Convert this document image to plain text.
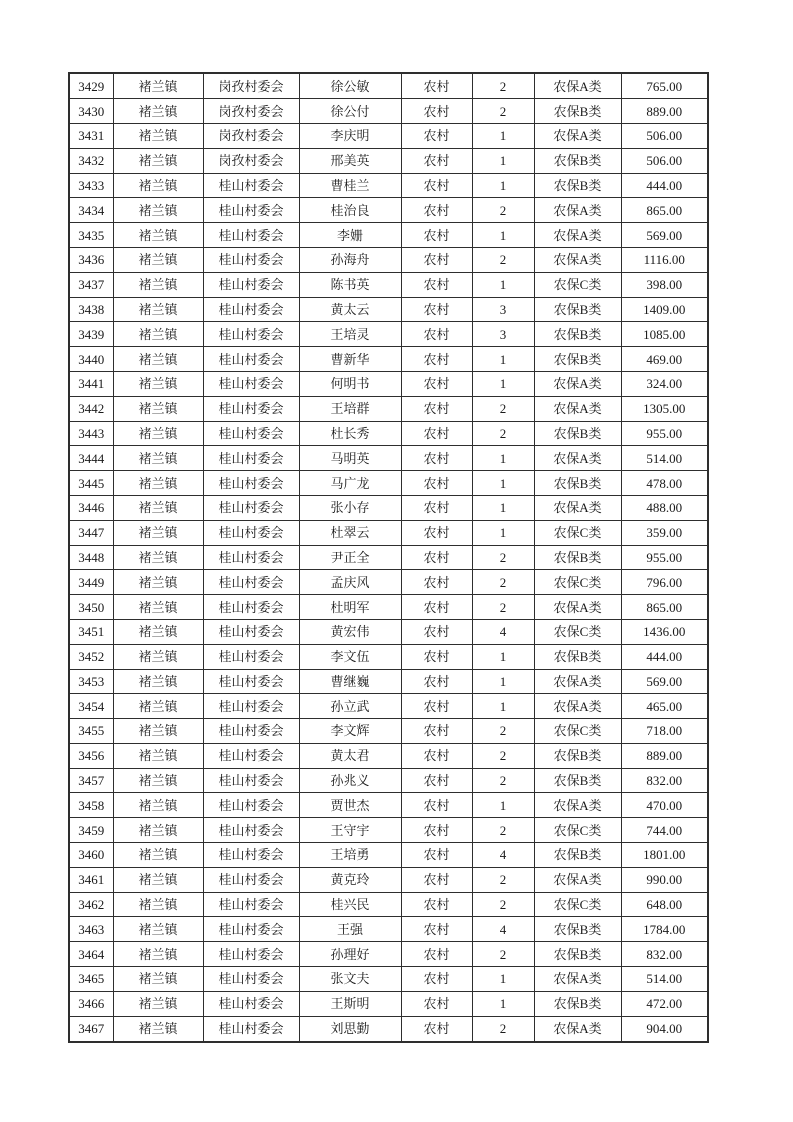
3429	褚兰镇	岗孜村委会	徐公敏	农村	2	农保A类	765.00
3430	褚兰镇	岗孜村委会	徐公付	农村	2	农保B类	889.00
3431	褚兰镇	岗孜村委会	李庆明	农村	1	农保A类	506.00
3432	褚兰镇	岗孜村委会	邢美英	农村	1	农保B类	506.00
3433	褚兰镇	桂山村委会	曹桂兰	农村	1	农保B类	444.00
3434	褚兰镇	桂山村委会	桂治良	农村	2	农保A类	865.00
3435	褚兰镇	桂山村委会	李姗	农村	1	农保A类	569.00
3436	褚兰镇	桂山村委会	孙海舟	农村	2	农保A类	1116.00
3437	褚兰镇	桂山村委会	陈书英	农村	1	农保C类	398.00
3438	褚兰镇	桂山村委会	黄太云	农村	3	农保B类	1409.00
3439	褚兰镇	桂山村委会	王培灵	农村	3	农保B类	1085.00
3440	褚兰镇	桂山村委会	曹新华	农村	1	农保B类	469.00
3441	褚兰镇	桂山村委会	何明书	农村	1	农保A类	324.00
3442	褚兰镇	桂山村委会	王培群	农村	2	农保A类	1305.00
3443	褚兰镇	桂山村委会	杜长秀	农村	2	农保B类	955.00
3444	褚兰镇	桂山村委会	马明英	农村	1	农保A类	514.00
3445	褚兰镇	桂山村委会	马广龙	农村	1	农保B类	478.00
3446	褚兰镇	桂山村委会	张小存	农村	1	农保A类	488.00
3447	褚兰镇	桂山村委会	杜翠云	农村	1	农保C类	359.00
3448	褚兰镇	桂山村委会	尹正全	农村	2	农保B类	955.00
3449	褚兰镇	桂山村委会	孟庆风	农村	2	农保C类	796.00
3450	褚兰镇	桂山村委会	杜明军	农村	2	农保A类	865.00
3451	褚兰镇	桂山村委会	黄宏伟	农村	4	农保C类	1436.00
3452	褚兰镇	桂山村委会	李文伍	农村	1	农保B类	444.00
3453	褚兰镇	桂山村委会	曹继巍	农村	1	农保A类	569.00
3454	褚兰镇	桂山村委会	孙立武	农村	1	农保A类	465.00
3455	褚兰镇	桂山村委会	李文辉	农村	2	农保C类	718.00
3456	褚兰镇	桂山村委会	黄太君	农村	2	农保B类	889.00
3457	褚兰镇	桂山村委会	孙兆义	农村	2	农保B类	832.00
3458	褚兰镇	桂山村委会	贾世杰	农村	1	农保A类	470.00
3459	褚兰镇	桂山村委会	王守宇	农村	2	农保C类	744.00
3460	褚兰镇	桂山村委会	王培勇	农村	4	农保B类	1801.00
3461	褚兰镇	桂山村委会	黄克玲	农村	2	农保A类	990.00
3462	褚兰镇	桂山村委会	桂兴民	农村	2	农保C类	648.00
3463	褚兰镇	桂山村委会	王强	农村	4	农保B类	1784.00
3464	褚兰镇	桂山村委会	孙理好	农村	2	农保B类	832.00
3465	褚兰镇	桂山村委会	张文夫	农村	1	农保A类	514.00
3466	褚兰镇	桂山村委会	王斯明	农村	1	农保B类	472.00
3467	褚兰镇	桂山村委会	刘思勤	农村	2	农保A类	904.00
